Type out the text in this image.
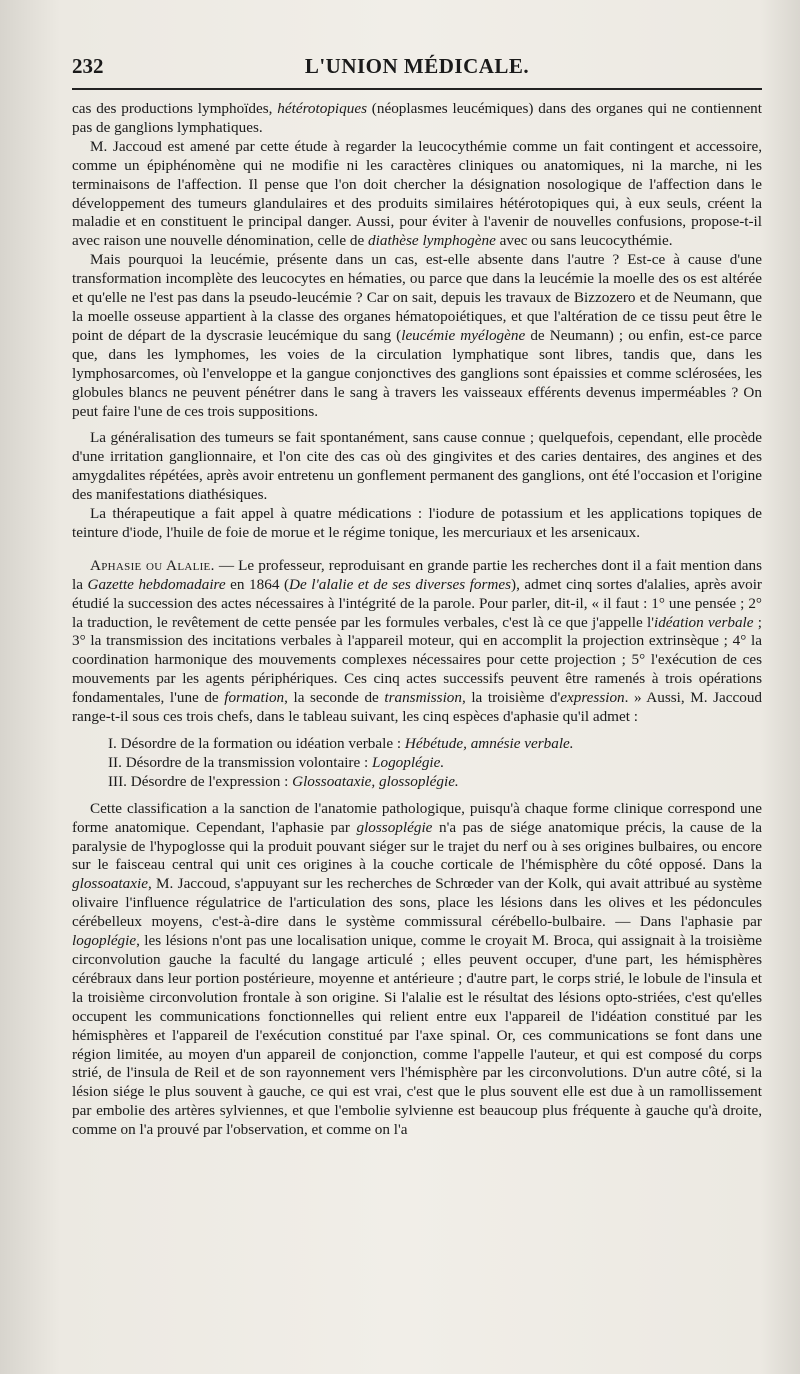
232	L'UNION MÉDICALE.

cas des productions lymphoïdes, hétérotopiques (néoplasmes leucémiques) dans des organes qui ne contiennent pas de ganglions lymphatiques.

M. Jaccoud est amené par cette étude à regarder la leucocythémie comme un fait contingent et accessoire, comme un épiphénomène qui ne modifie ni les caractères cliniques ou anatomiques, ni la marche, ni les terminaisons de l'affection. Il pense que l'on doit chercher la désignation nosologique de l'affection dans le développement des tumeurs glandulaires et des produits similaires hétérotopiques qui, à eux seuls, créent la maladie et en constituent le principal danger. Aussi, pour éviter à l'avenir de nouvelles confusions, propose-t-il avec raison une nouvelle dénomination, celle de diathèse lymphogène avec ou sans leucocythémie.

Mais pourquoi la leucémie, présente dans un cas, est-elle absente dans l'autre ? Est-ce à cause d'une transformation incomplète des leucocytes en hématies, ou parce que dans la leucémie la moelle des os est altérée et qu'elle ne l'est pas dans la pseudo-leucémie ? Car on sait, depuis les travaux de Bizzozero et de Neumann, que la moelle osseuse appartient à la classe des organes hématopoiétiques, et que l'altération de ce tissu peut être le point de départ de la dyscrasie leucémique du sang (leucémie myélogène de Neumann) ; ou enfin, est-ce parce que, dans les lymphomes, les voies de la circulation lymphatique sont libres, tandis que, dans les lymphosarcomes, où l'enveloppe et la gangue conjonctives des ganglions sont épaissies et comme sclérosées, les globules blancs ne peuvent pénétrer dans le sang à travers les vaisseaux efférents devenus imperméables ? On peut faire l'une de ces trois suppositions.

La généralisation des tumeurs se fait spontanément, sans cause connue ; quelquefois, cependant, elle procède d'une irritation ganglionnaire, et l'on cite des cas où des gingivites et des caries dentaires, des angines et des amygdalites répétées, après avoir entretenu un gonflement permanent des ganglions, ont été l'occasion et l'origine des manifestations diathésiques.

La thérapeutique a fait appel à quatre médications : l'iodure de potassium et les applications topiques de teinture d'iode, l'huile de foie de morue et le régime tonique, les mercuriaux et les arsenicaux.

Aphasie ou Alalie. — Le professeur, reproduisant en grande partie les recherches dont il a fait mention dans la Gazette hebdomadaire en 1864 (De l'alalie et de ses diverses formes), admet cinq sortes d'alalies, après avoir étudié la succession des actes nécessaires à l'intégrité de la parole. Pour parler, dit-il, « il faut : 1° une pensée ; 2° la traduction, le revêtement de cette pensée par les formules verbales, c'est là ce que j'appelle l'idéation verbale ; 3° la transmission des incitations verbales à l'appareil moteur, qui en accomplit la projection extrinsèque ; 4° la coordination harmonique des mouvements complexes nécessaires pour cette projection ; 5° l'exécution de ces mouvements par les agents périphériques. Ces cinq actes successifs peuvent être ramenés à trois opérations fondamentales, l'une de formation, la seconde de transmission, la troisième d'expression. » Aussi, M. Jaccoud range-t-il sous ces trois chefs, dans le tableau suivant, les cinq espèces d'aphasie qu'il admet :

I. Désordre de la formation ou idéation verbale : Hébétude, amnésie verbale.
II. Désordre de la transmission volontaire : Logoplégie.
III. Désordre de l'expression : Glossoataxie, glossoplégie.

Cette classification a la sanction de l'anatomie pathologique, puisqu'à chaque forme clinique correspond une forme anatomique. Cependant, l'aphasie par glossoplégie n'a pas de siége anatomique précis, la cause de la paralysie de l'hypoglosse qui la produit pouvant siéger sur le trajet du nerf ou à ses origines bulbaires, ou encore sur le faisceau central qui unit ces origines à la couche corticale de l'hémisphère du côté opposé. Dans la glossoataxie, M. Jaccoud, s'appuyant sur les recherches de Schrœder van der Kolk, qui avait attribué au système olivaire l'influence régulatrice de l'articulation des sons, place les lésions dans les olives et les pédoncules cérébelleux moyens, c'est-à-dire dans le système commissural cérébello-bulbaire. — Dans l'aphasie par logoplégie, les lésions n'ont pas une localisation unique, comme le croyait M. Broca, qui assignait à la troisième circonvolution gauche la faculté du langage articulé ; elles peuvent occuper, d'une part, les hémisphères cérébraux dans leur portion postérieure, moyenne et antérieure ; d'autre part, le corps strié, le lobule de l'insula et la troisième circonvolution frontale à son origine. Si l'alalie est le résultat des lésions opto-striées, c'est qu'elles occupent les communications fonctionnelles qui relient entre eux l'appareil de l'idéation constitué par les hémisphères et l'appareil de l'exécution constitué par l'axe spinal. Or, ces communications se font dans une région limitée, au moyen d'un appareil de conjonction, comme l'appelle l'auteur, et qui est composé du corps strié, de l'insula de Reil et de son rayonnement vers l'hémisphère par les circonvolutions. D'un autre côté, si la lésion siége le plus souvent à gauche, ce qui est vrai, c'est que le plus souvent elle est due à un ramollissement par embolie des artères sylviennes, et que l'embolie sylvienne est beaucoup plus fréquente à gauche qu'à droite, comme on l'a prouvé par l'observation, et comme on l'a
